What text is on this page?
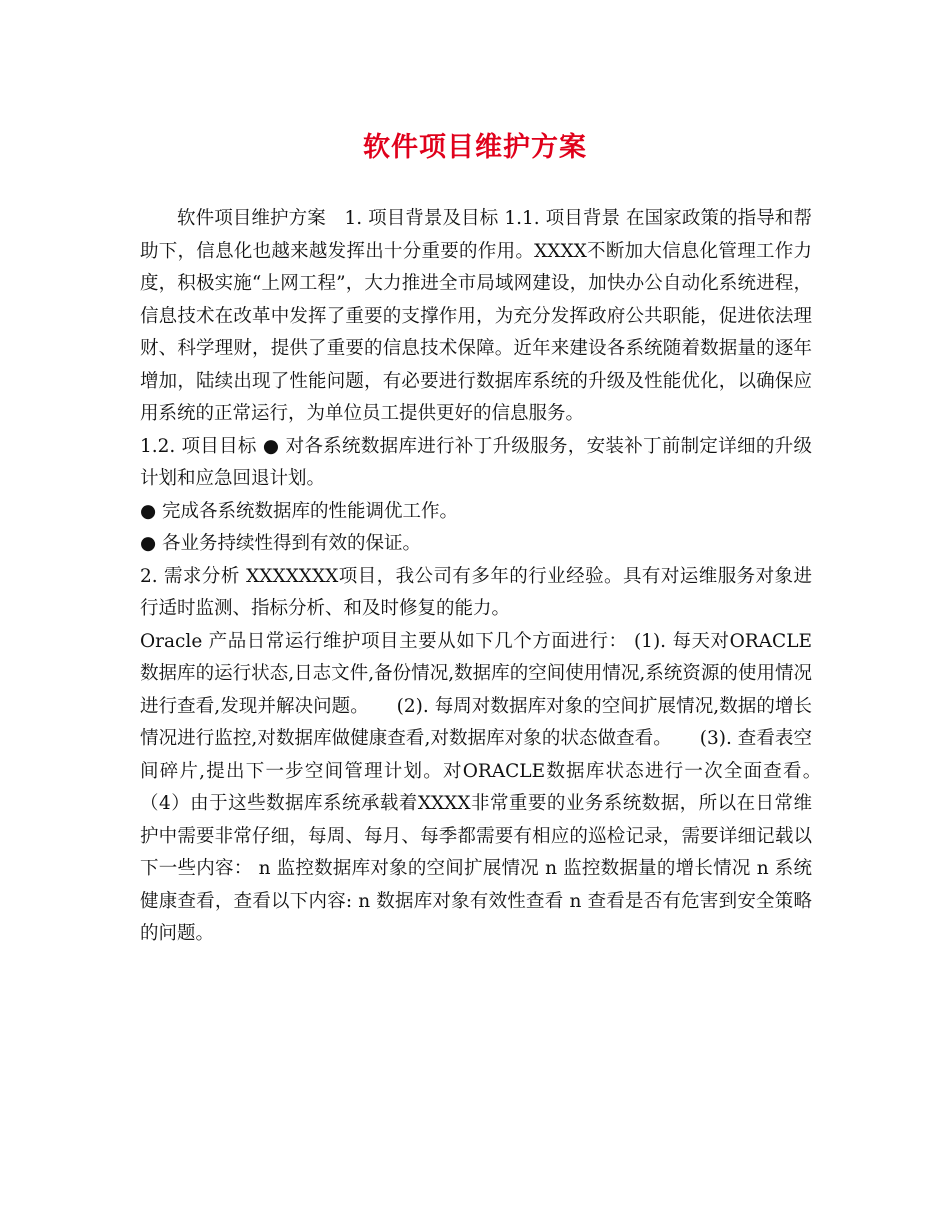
软件项目维护方案

软件项目维护方案　1. 项目背景及目标 1.1. 项目背景 在国家政策的指导和帮助下，信息化也越来越发挥出十分重要的作用。XXXX不断加大信息化管理工作力度，积极实施“上网工程”，大力推进全市局域网建设，加快办公自动化系统进程，信息技术在改革中发挥了重要的支撑作用，为充分发挥政府公共职能，促进依法理财、科学理财，提供了重要的信息技术保障。近年来建设各系统随着数据量的逐年增加，陆续出现了性能问题，有必要进行数据库系统的升级及性能优化，以确保应用系统的正常运行，为单位员工提供更好的信息服务。

1.2. 项目目标 ● 对各系统数据库进行补丁升级服务，安装补丁前制定详细的升级计划和应急回退计划。

● 完成各系统数据库的性能调优工作。

● 各业务持续性得到有效的保证。

2. 需求分析 XXXXXXX项目，我公司有多年的行业经验。具有对运维服务对象进行适时监测、指标分析、和及时修复的能力。

Oracle 产品日常运行维护项目主要从如下几个方面进行： (1). 每天对ORACLE数据库的运行状态,日志文件,备份情况,数据库的空间使用情况,系统资源的使用情况进行查看,发现并解决问题。　　(2). 每周对数据库对象的空间扩展情况,数据的增长情况进行监控,对数据库做健康查看,对数据库对象的状态做查看。　　(3). 查看表空间碎片,提出下一步空间管理计划。对ORACLE数据库状态进行一次全面查看。　　（4）由于这些数据库系统承载着XXXX非常重要的业务系统数据，所以在日常维护中需要非常仔细，每周、每月、每季都需要有相应的巡检记录，需要详细记载以下一些内容： n 监控数据库对象的空间扩展情况 n 监控数据量的增长情况 n 系统健康查看，查看以下内容: n 数据库对象有效性查看 n 查看是否有危害到安全策略的问题。
